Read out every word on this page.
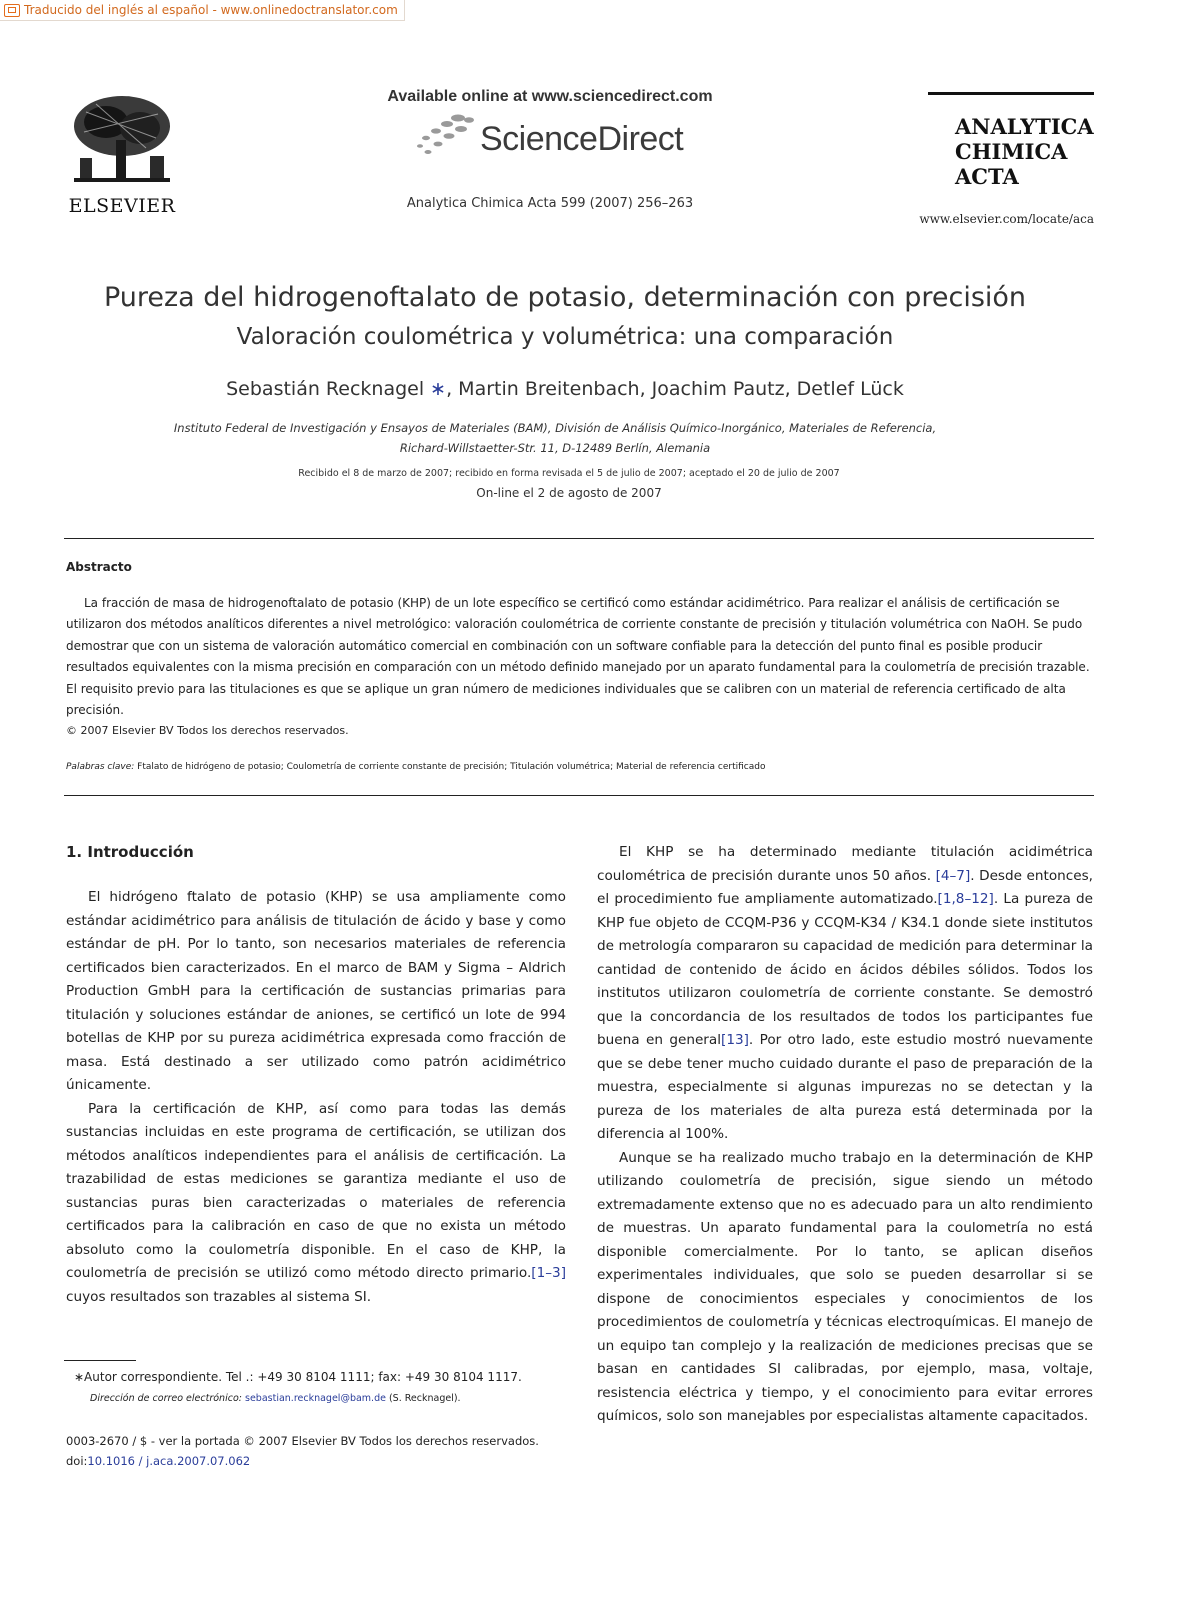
Traducido del inglés al español - www.onlinedoctranslator.com
ELSEVIER
Available online at www.sciencedirect.com
ScienceDirect
Analytica Chimica Acta 599 (2007) 256–263
ANALYTICA
CHIMICA
ACTA
www.elsevier.com/locate/aca
Pureza del hidrogenoftalato de potasio, determinación con precisión
Valoración coulométrica y volumétrica: una comparación
Sebastián Recknagel ∗, Martin Breitenbach, Joachim Pautz, Detlef Lück
Instituto Federal de Investigación y Ensayos de Materiales (BAM), División de Análisis Químico-Inorgánico, Materiales de Referencia,
Richard-Willstaetter-Str. 11, D-12489 Berlín, Alemania
Recibido el 8 de marzo de 2007; recibido en forma revisada el 5 de julio de 2007; aceptado el 20 de julio de 2007
On-line el 2 de agosto de 2007
Abstracto

La fracción de masa de hidrogenoftalato de potasio (KHP) de un lote específico se certificó como estándar acidimétrico. Para realizar el análisis de certificación se utilizaron dos métodos analíticos diferentes a nivel metrológico: valoración coulométrica de corriente constante de precisión y titulación volumétrica con NaOH. Se pudo demostrar que con un sistema de valoración automático comercial en combinación con un software confiable para la detección del punto final es posible producir resultados equivalentes con la misma precisión en comparación con un método definido manejado por un aparato fundamental para la coulometría de precisión trazable. El requisito previo para las titulaciones es que se aplique un gran número de mediciones individuales que se calibren con un material de referencia certificado de alta precisión.

© 2007 Elsevier BV Todos los derechos reservados.
Palabras clave: Ftalato de hidrógeno de potasio; Coulometría de corriente constante de precisión; Titulación volumétrica; Material de referencia certificado
1. Introducción

El hidrógeno ftalato de potasio (KHP) se usa ampliamente como estándar acidimétrico para análisis de titulación de ácido y base y como estándar de pH. Por lo tanto, son necesarios materiales de referencia certificados bien caracterizados. En el marco de BAM y Sigma – Aldrich Production GmbH para la certificación de sustancias primarias para titulación y soluciones estándar de aniones, se certificó un lote de 994 botellas de KHP por su pureza acidimétrica expresada como fracción de masa. Está destinado a ser utilizado como patrón acidimétrico únicamente.

Para la certificación de KHP, así como para todas las demás sustancias incluidas en este programa de certificación, se utilizan dos métodos analíticos independientes para el análisis de certificación. La trazabilidad de estas mediciones se garantiza mediante el uso de sustancias puras bien caracterizadas o materiales de referencia certificados para la calibración en caso de que no exista un método absoluto como la coulometría disponible. En el caso de KHP, la coulometría de precisión se utilizó como método directo primario.[1–3] cuyos resultados son trazables al sistema SI.

El KHP se ha determinado mediante titulación acidimétrica coulométrica de precisión durante unos 50 años. [4–7]. Desde entonces, el procedimiento fue ampliamente automatizado.[1,8–12]. La pureza de KHP fue objeto de CCQM-P36 y CCQM-K34 / K34.1 donde siete institutos de metrología compararon su capacidad de medición para determinar la cantidad de contenido de ácido en ácidos débiles sólidos. Todos los institutos utilizaron coulometría de corriente constante. Se demostró que la concordancia de los resultados de todos los participantes fue buena en general[13]. Por otro lado, este estudio mostró nuevamente que se debe tener mucho cuidado durante el paso de preparación de la muestra, especialmente si algunas impurezas no se detectan y la pureza de los materiales de alta pureza está determinada por la diferencia al 100%.

Aunque se ha realizado mucho trabajo en la determinación de KHP utilizando coulometría de precisión, sigue siendo un método extremadamente extenso que no es adecuado para un alto rendimiento de muestras. Un aparato fundamental para la coulometría no está disponible comercialmente. Por lo tanto, se aplican diseños experimentales individuales, que solo se pueden desarrollar si se dispone de conocimientos especiales y conocimientos de los procedimientos de coulometría y técnicas electroquímicas. El manejo de un equipo tan complejo y la realización de mediciones precisas que se basan en cantidades SI calibradas, por ejemplo, masa, voltaje, resistencia eléctrica y tiempo, y el conocimiento para evitar errores químicos, solo son manejables por especialistas altamente capacitados.

∗Autor correspondiente. Tel .: +49 30 8104 1111; fax: +49 30 8104 1117.
Dirección de correo electrónico: sebastian.recknagel@bam.de (S. Recknagel).
0003-2670 / $ - ver la portada © 2007 Elsevier BV Todos los derechos reservados.
doi:10.1016 / j.aca.2007.07.062
